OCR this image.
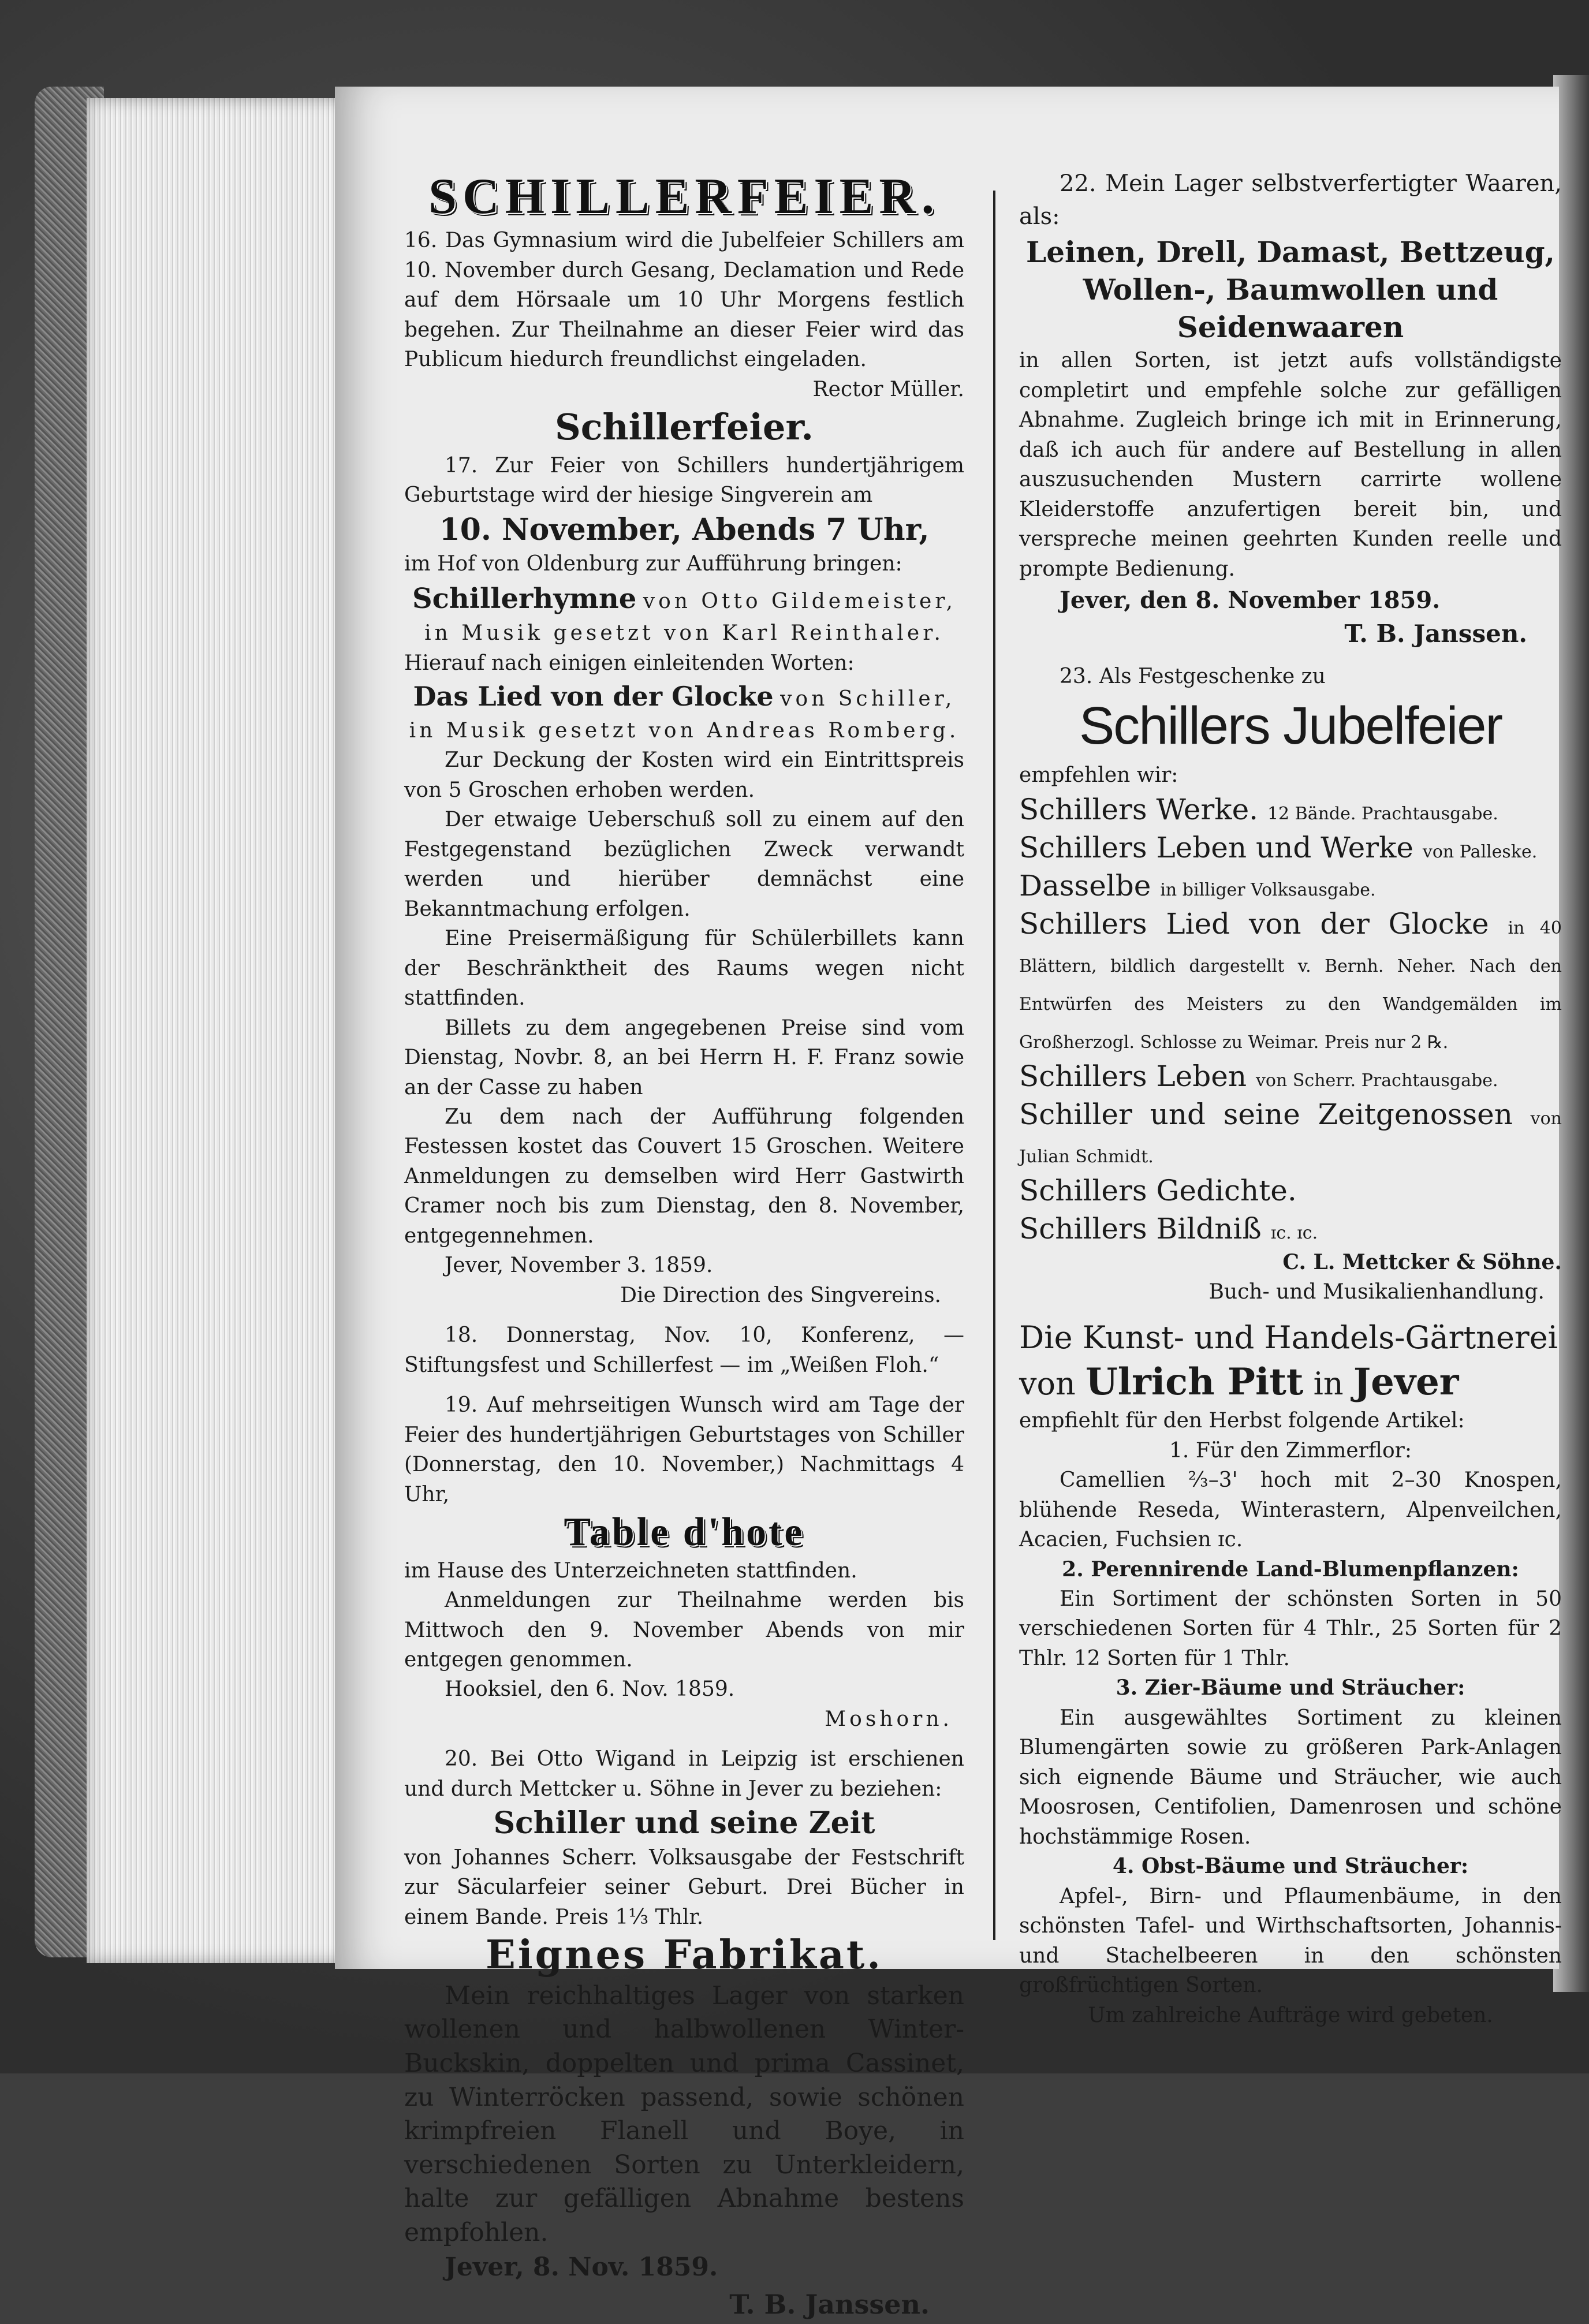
SCHILLERFEIER.

16. Das Gymnasium wird die Jubelfeier Schillers am 10. November durch Gesang, Declamation und Rede auf dem Hörsaale um 10 Uhr Morgens festlich begehen. Zur Theilnahme an dieser Feier wird das Publicum hiedurch freundlichst eingeladen.

Rector Müller.

Schillerfeier.

17. Zur Feier von Schillers hundertjährigem Geburtstage wird der hiesige Singverein am

10. November, Abends 7 Uhr,

im Hof von Oldenburg zur Aufführung bringen:

Schillerhymne von Otto Gildemeister,

in Musik gesetzt von Karl Reinthaler.

Hierauf nach einigen einleitenden Worten:

Das Lied von der Glocke von Schiller,

in Musik gesetzt von Andreas Romberg.

Zur Deckung der Kosten wird ein Eintrittspreis von 5 Groschen erhoben werden.

Der etwaige Ueberschuß soll zu einem auf den Festgegenstand bezüglichen Zweck verwandt werden und hierüber demnächst eine Bekanntmachung erfolgen.

Eine Preisermäßigung für Schülerbillets kann der Beschränktheit des Raums wegen nicht stattfinden.

Billets zu dem angegebenen Preise sind vom Dienstag, Novbr. 8, an bei Herrn H. F. Franz sowie an der Casse zu haben

Zu dem nach der Aufführung folgenden Festessen kostet das Couvert 15 Groschen. Weitere Anmeldungen zu demselben wird Herr Gastwirth Cramer noch bis zum Dienstag, den 8. November, entgegennehmen.

Jever, November 3. 1859.

Die Direction des Singvereins.

18. Donnerstag, Nov. 10, Konferenz, — Stiftungsfest und Schillerfest — im „Weißen Floh.“

19. Auf mehrseitigen Wunsch wird am Tage der Feier des hundertjährigen Geburtstages von Schiller (Donnerstag, den 10. November,) Nachmittags 4 Uhr,

Table d'hote

im Hause des Unterzeichneten stattfinden.

Anmeldungen zur Theilnahme werden bis Mittwoch den 9. November Abends von mir entgegen genommen.

Hooksiel, den 6. Nov. 1859.

Moshorn.

20. Bei Otto Wigand in Leipzig ist erschienen und durch Mettcker u. Söhne in Jever zu beziehen:

Schiller und seine Zeit

von Johannes Scherr. Volksausgabe der Festschrift zur Säcularfeier seiner Geburt. Drei Bücher in einem Bande. Preis 1⅓ Thlr.

Eignes Fabrikat.

Mein reichhaltiges Lager von starken wollenen und halbwollenen Winter-Buckskin, doppelten und prima Cassinet, zu Winterröcken passend, sowie schönen krimpfreien Flanell und Boye, in verschiedenen Sorten zu Unterkleidern, halte zur gefälligen Abnahme bestens empfohlen.

Jever, 8. Nov. 1859.

T. B. Janssen.

22. Mein Lager selbstverfertigter Waaren, als:

Leinen, Drell, Damast, Bettzeug,
Wollen-, Baumwollen und
Seidenwaaren

in allen Sorten, ist jetzt aufs vollständigste completirt und empfehle solche zur gefälligen Abnahme. Zugleich bringe ich mit in Erinnerung, daß ich auch für andere auf Bestellung in allen auszusuchenden Mustern carrirte wollene Kleiderstoffe anzufertigen bereit bin, und verspreche meinen geehrten Kunden reelle und prompte Bedienung.

Jever, den 8. November 1859.

T. B. Janssen.

23. Als Festgeschenke zu

Schillers Jubelfeier

empfehlen wir:

Schillers Werke. 12 Bände. Prachtausgabe.

Schillers Leben und Werke von Palleske.

Dasselbe in billiger Volksausgabe.

Schillers Lied von der Glocke in 40 Blättern, bildlich dargestellt v. Bernh. Neher. Nach den Entwürfen des Meisters zu den Wandgemälden im Großherzogl. Schlosse zu Weimar. Preis nur 2 ℞.

Schillers Leben von Scherr. Prachtausgabe.

Schiller und seine Zeitgenossen von Julian Schmidt.

Schillers Gedichte.

Schillers Bildniß ɪc. ɪc.

C. L. Mettcker & Söhne.

Buch- und Musikalienhandlung.

Die Kunst- und Handels-Gärtnerei
von Ulrich Pitt in Jever

empfiehlt für den Herbst folgende Artikel:

1. Für den Zimmerflor:

Camellien ⅔–3' hoch mit 2–30 Knospen, blühende Reseda, Winterastern, Alpenveilchen, Acacien, Fuchsien ɪc.

2. Perennirende Land-Blumenpflanzen:

Ein Sortiment der schönsten Sorten in 50 verschiedenen Sorten für 4 Thlr., 25 Sorten für 2 Thlr. 12 Sorten für 1 Thlr.

3. Zier-Bäume und Sträucher:

Ein ausgewähltes Sortiment zu kleinen Blumengärten sowie zu größeren Park-Anlagen sich eignende Bäume und Sträucher, wie auch Moosrosen, Centifolien, Damenrosen und schöne hochstämmige Rosen.

4. Obst-Bäume und Sträucher:

Apfel-, Birn- und Pflaumenbäume, in den schönsten Tafel- und Wirthschaftsorten, Johannis- und Stachelbeeren in den schönsten großfrüchtigen Sorten.

Um zahlreiche Aufträge wird gebeten.
